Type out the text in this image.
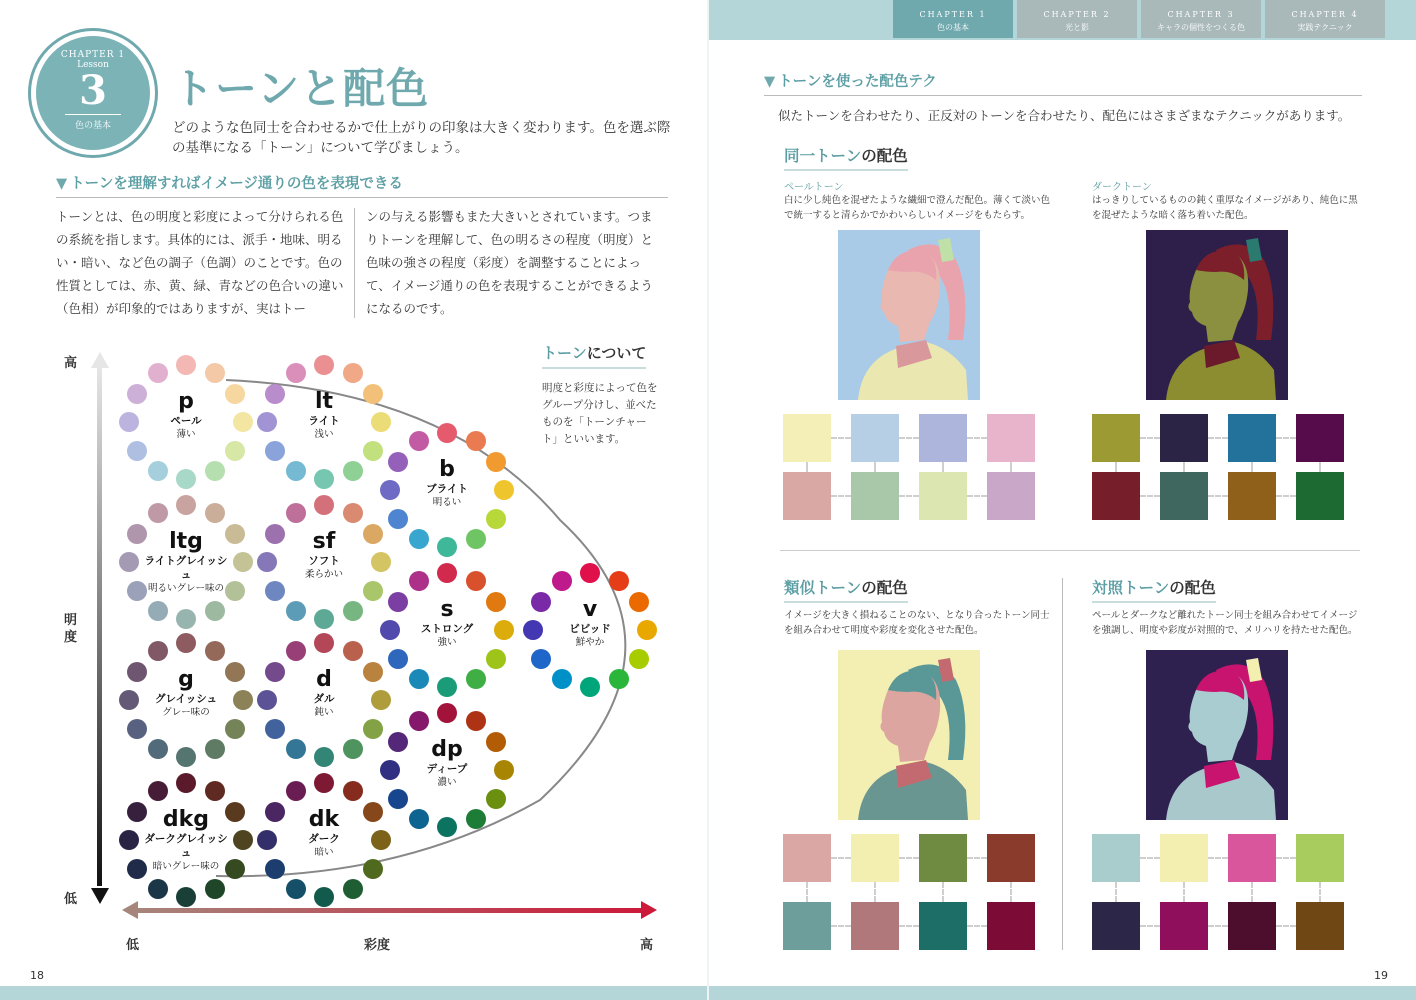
CHAPTER 1
色の基本
CHAPTER 2
光と影
CHAPTER 3
キャラの個性をつくる色
CHAPTER 4
実践テクニック
CHAPTER 1
Lesson
3
色の基本
トーンと配色
どのような色同士を合わせるかで仕上がりの印象は大きく変わります。色を選ぶ際の基準になる「トーン」について学びましょう。
▼ トーンを理解すればイメージ通りの色を表現できる
トーンとは、色の明度と彩度によって分けられる色の系統を指します。具体的には、派手・地味、明るい・暗い、など色の調子（色調）のことです。色の性質としては、赤、黄、緑、青などの色合いの違い（色相）が印象的ではありますが、実はトー
ンの与える影響もまた大きいとされています。つまりトーンを理解して、色の明るさの程度（明度）と色味の強さの程度（彩度）を調整することによって、イメージ通りの色を表現することができるようになるのです。
p
ペール
薄い
lt
ライト
浅い
ltg
ライトグレイッシュ
明るいグレー味の
sf
ソフト
柔らかい
g
グレイッシュ
グレー味の
d
ダル
鈍い
dkg
ダークグレイッシュ
暗いグレー味の
dk
ダーク
暗い
b
ブライト
明るい
s
ストロング
強い
dp
ディープ
濃い
v
ビビッド
鮮やか
高
明度
低
低	彩度	高
トーンについて
明度と彩度によって色をグループ分けし、並べたものを「トーンチャート」といいます。
18
▼ トーンを使った配色テク
似たトーンを合わせたり、正反対のトーンを合わせたり、配色にはさまざまなテクニックがあります。
同一トーンの配色
ペールトーン
白に少し純色を混ぜたような繊細で澄んだ配色。薄くて淡い色で統一すると清らかでかわいらしいイメージをもたらす。
ダークトーン
はっきりしているものの鈍く重厚なイメージがあり、純色に黒を混ぜたような暗く落ち着いた配色。
類似トーンの配色
イメージを大きく損ねることのない、となり合ったトーン同士を組み合わせて明度や彩度を変化させた配色。
対照トーンの配色
ペールとダークなど離れたトーン同士を組み合わせてイメージを強調し、明度や彩度が対照的で、メリハリを持たせた配色。
19
